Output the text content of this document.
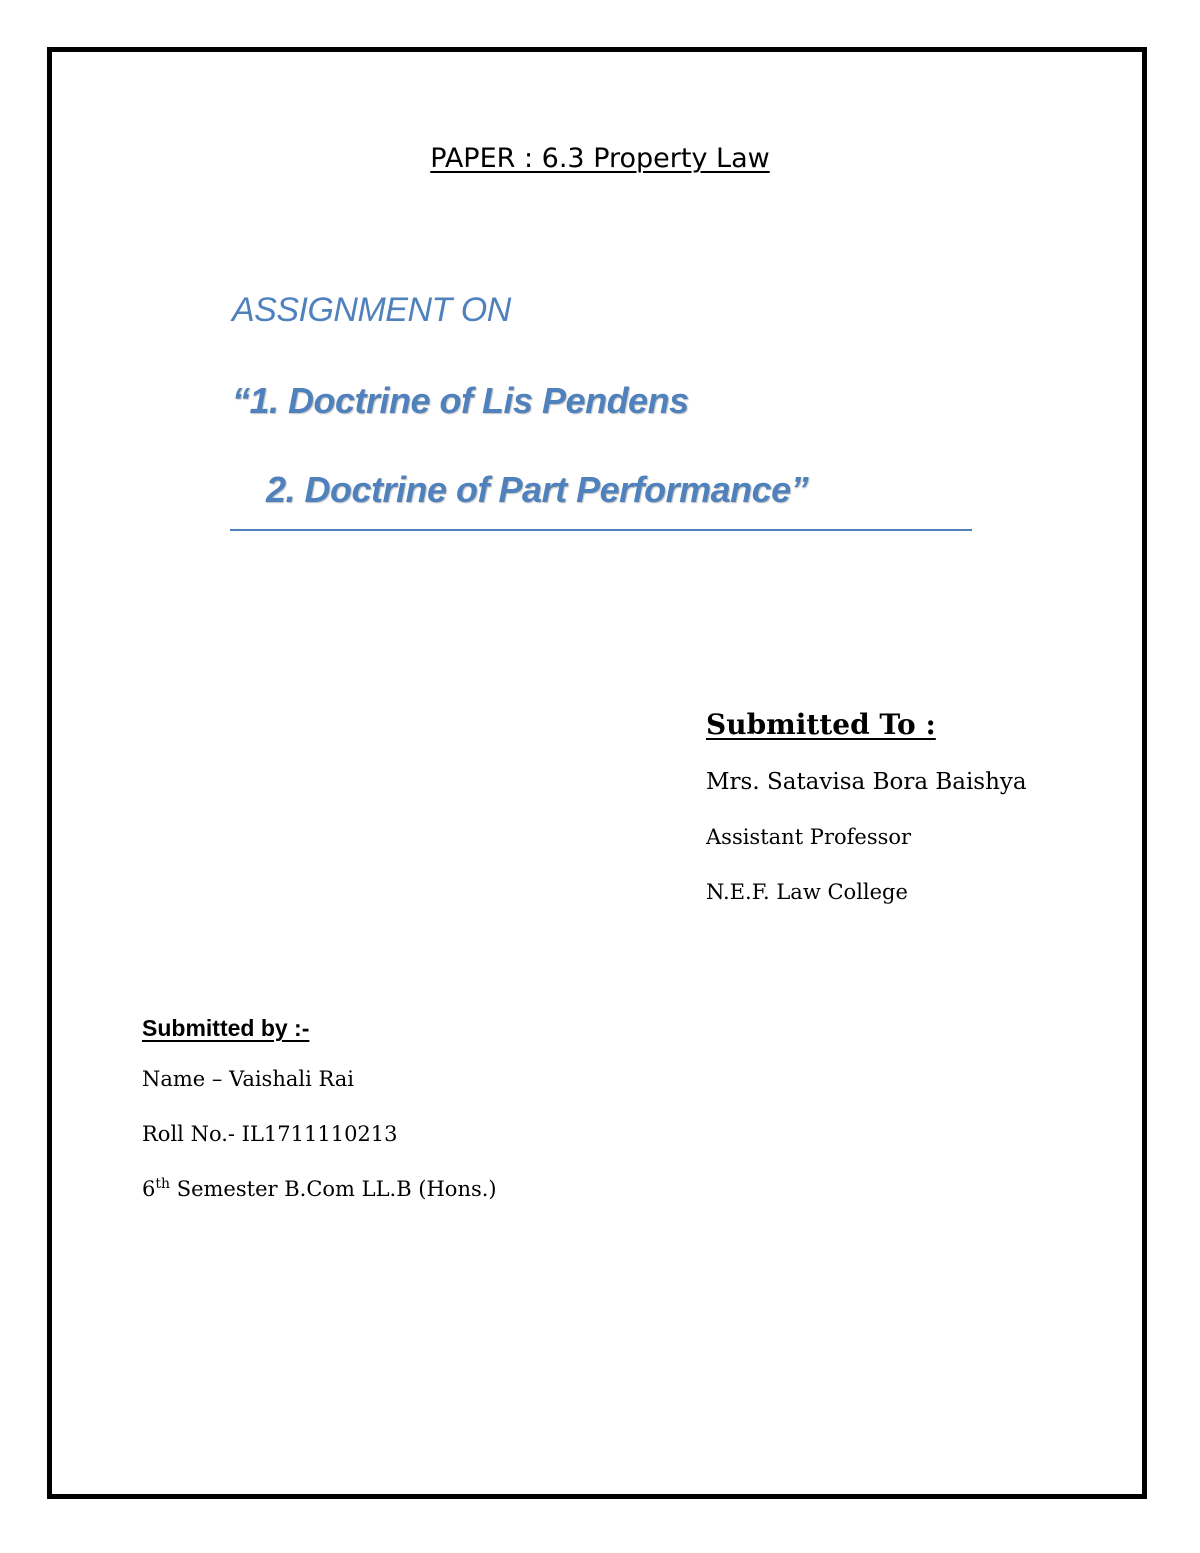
PAPER : 6.3 Property Law
ASSIGNMENT ON
“1. Doctrine of Lis Pendens
2. Doctrine of Part Performance”
Submitted To :
Mrs. Satavisa Bora Baishya
Assistant Professor
N.E.F. Law College
Submitted by :-
Name – Vaishali Rai
Roll No.- IL1711110213
6th Semester B.Com LL.B (Hons.)
